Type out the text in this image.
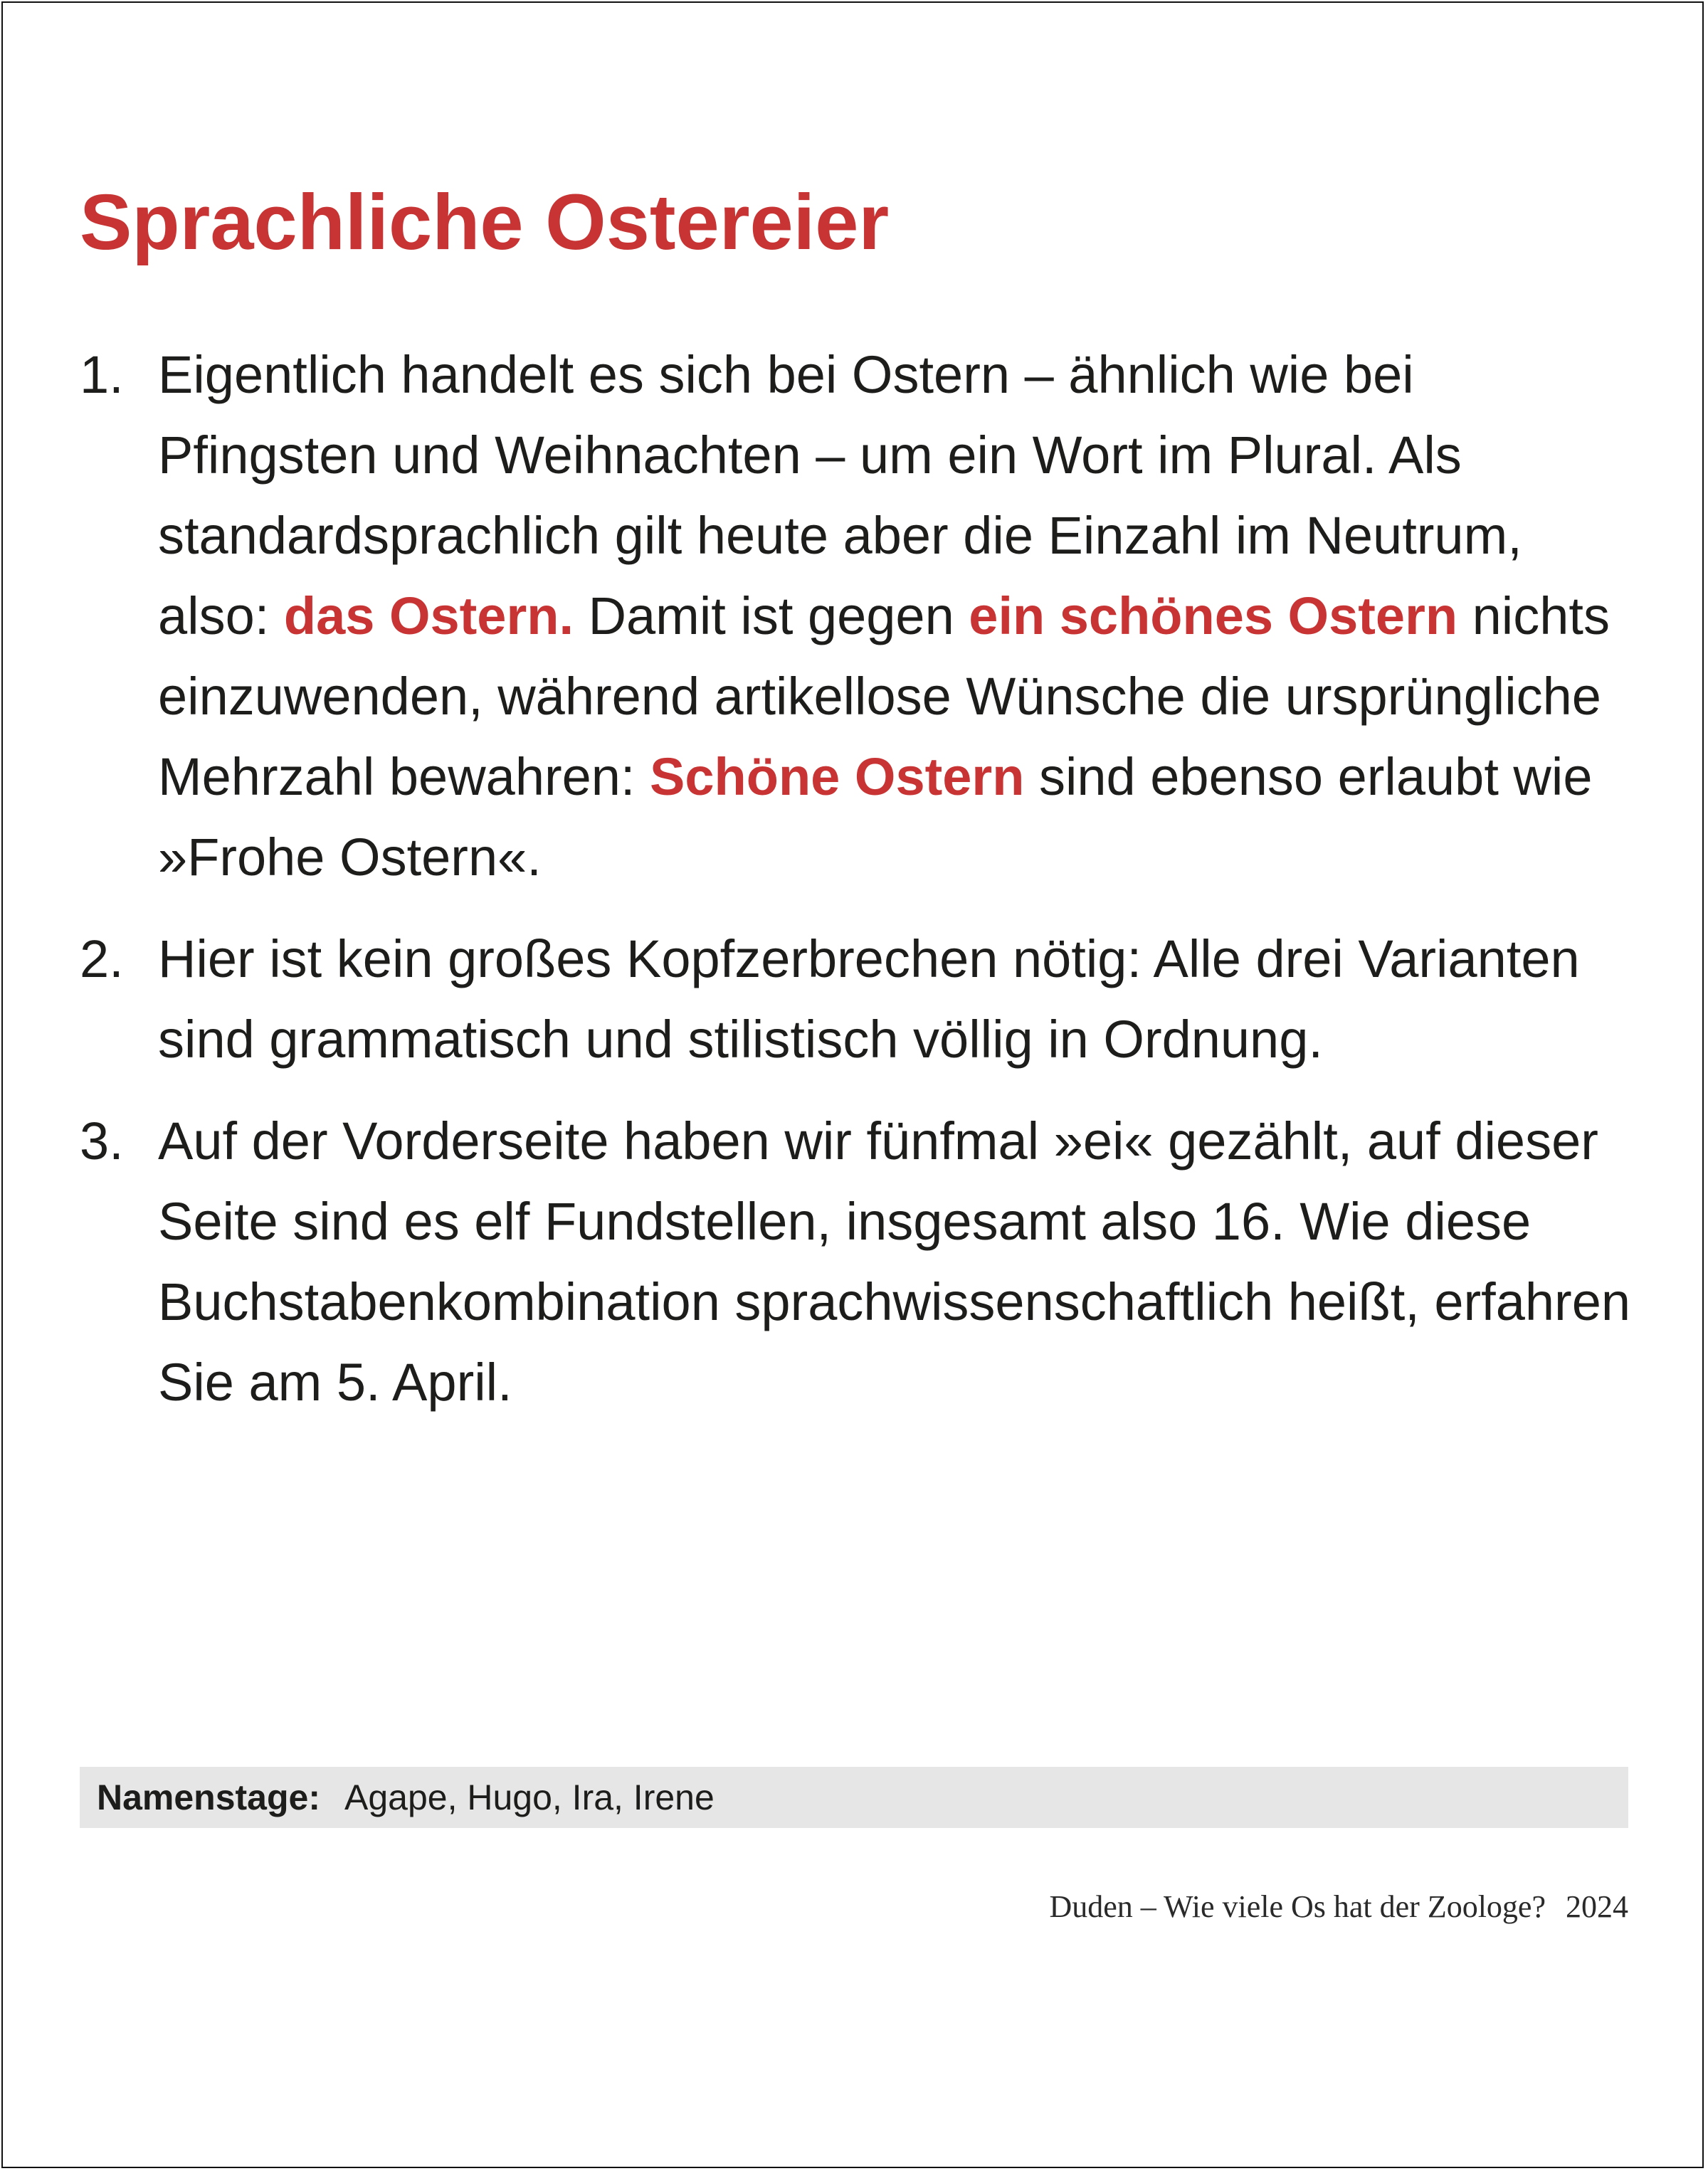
Sprachliche Ostereier
1. Eigentlich handelt es sich bei Ostern – ähnlich wie bei Pfingsten und Weihnachten – um ein Wort im Plural. Als standardsprachlich gilt heute aber die Einzahl im Neutrum, also: das Ostern. Damit ist gegen ein schönes Ostern nichts einzuwenden, während artikellose Wünsche die ursprüngliche Mehrzahl bewahren: Schöne Ostern sind ebenso erlaubt wie »Frohe Ostern«.
2. Hier ist kein großes Kopfzerbrechen nötig: Alle drei Varianten sind grammatisch und stilistisch völlig in Ordnung.
3. Auf der Vorderseite haben wir fünfmal »ei« gezählt, auf dieser Seite sind es elf Fundstellen, insgesamt also 16. Wie diese Buchstabenkombination sprachwissenschaftlich heißt, erfahren Sie am 5. April.
Namenstage: Agape, Hugo, Ira, Irene
Duden – Wie viele Os hat der Zoologe? 2024
